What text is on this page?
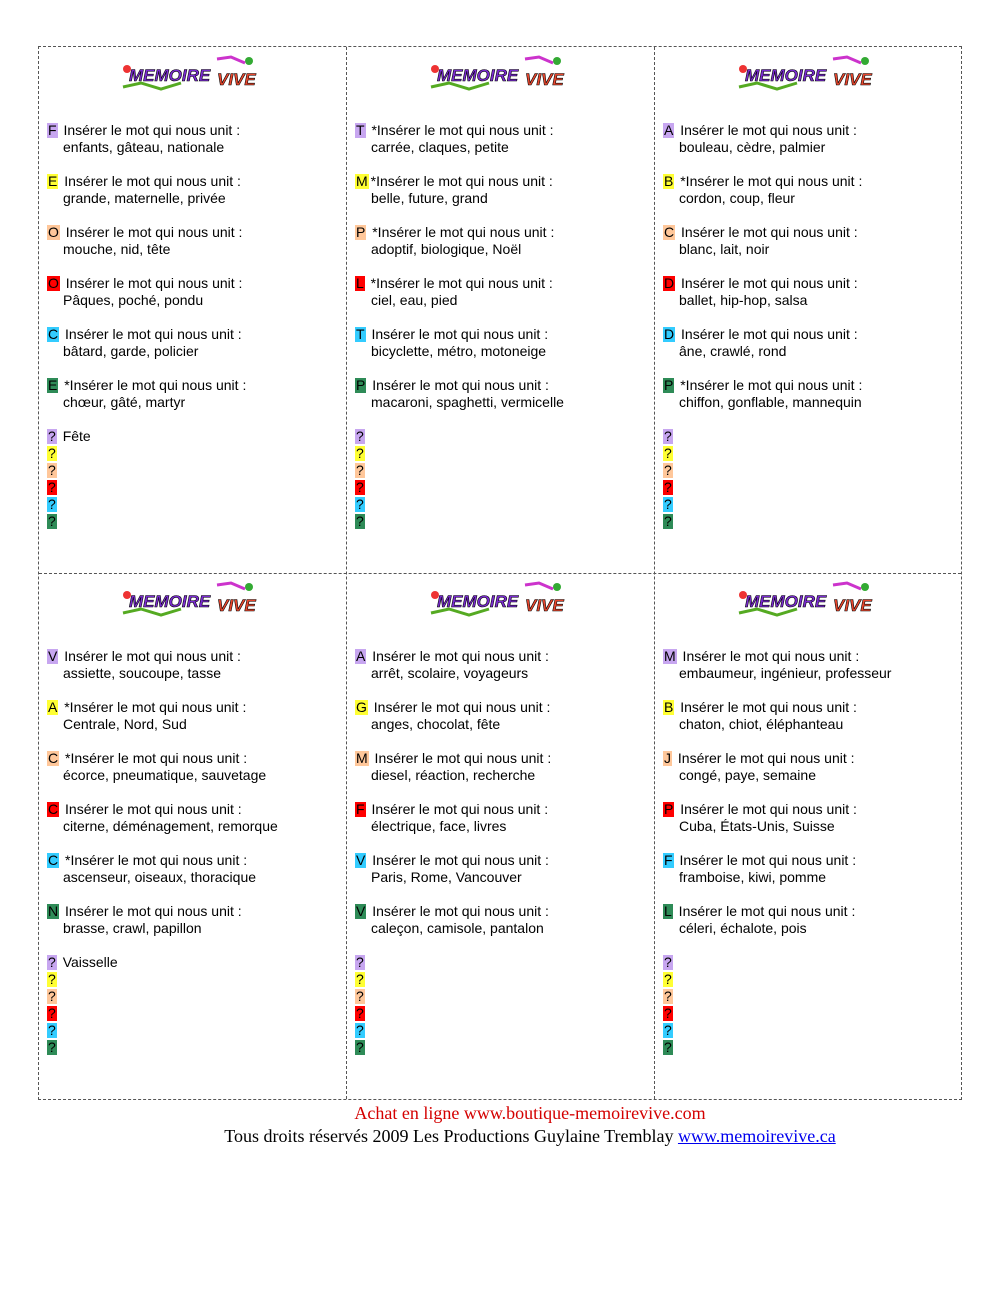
MEMOIRE VIVE
F Insérer le mot qui nous unit :
enfants, gâteau, nationale
E Insérer le mot qui nous unit :
grande, maternelle, privée
O Insérer le mot qui nous unit :
mouche, nid, tête
O Insérer le mot qui nous unit :
Pâques, poché, pondu
C Insérer le mot qui nous unit :
bâtard, garde, policier
E *Insérer le mot qui nous unit :
chœur, gâté, martyr
? Fête
?
?
?
?
?
MEMOIRE VIVE
T *Insérer le mot qui nous unit :
carrée, claques, petite
M *Insérer le mot qui nous unit :
belle, future, grand
P *Insérer le mot qui nous unit :
adoptif, biologique, Noël
L *Insérer le mot qui nous unit :
ciel, eau, pied
T Insérer le mot qui nous unit :
bicyclette, métro, motoneige
P Insérer le mot qui nous unit :
macaroni, spaghetti, vermicelle
?
?
?
?
?
?
MEMOIRE VIVE
A Insérer le mot qui nous unit :
bouleau, cèdre, palmier
B *Insérer le mot qui nous unit :
cordon, coup, fleur
C Insérer le mot qui nous unit :
blanc, lait, noir
D Insérer le mot qui nous unit :
ballet, hip-hop, salsa
D Insérer le mot qui nous unit :
âne, crawlé, rond
P *Insérer le mot qui nous unit :
chiffon, gonflable, mannequin
?
?
?
?
?
?
MEMOIRE VIVE
V Insérer le mot qui nous unit :
assiette, soucoupe, tasse
A *Insérer le mot qui nous unit :
Centrale, Nord, Sud
C *Insérer le mot qui nous unit :
écorce, pneumatique, sauvetage
C Insérer le mot qui nous unit :
citerne, déménagement, remorque
C *Insérer le mot qui nous unit :
ascenseur, oiseaux, thoracique
N Insérer le mot qui nous unit :
brasse, crawl, papillon
? Vaisselle
?
?
?
?
?
MEMOIRE VIVE
A Insérer le mot qui nous unit :
arrêt, scolaire, voyageurs
G Insérer le mot qui nous unit :
anges, chocolat, fête
M Insérer le mot qui nous unit :
diesel, réaction, recherche
F Insérer le mot qui nous unit :
électrique, face, livres
V Insérer le mot qui nous unit :
Paris, Rome, Vancouver
V Insérer le mot qui nous unit :
caleçon, camisole, pantalon
?
?
?
?
?
?
MEMOIRE VIVE
M Insérer le mot qui nous unit :
embaumeur, ingénieur, professeur
B Insérer le mot qui nous unit :
chaton, chiot, éléphanteau
J Insérer le mot qui nous unit :
congé, paye, semaine
P Insérer le mot qui nous unit :
Cuba, États-Unis, Suisse
F Insérer le mot qui nous unit :
framboise, kiwi, pomme
L Insérer le mot qui nous unit :
céleri, échalote, pois
?
?
?
?
?
?
Achat en ligne www.boutique-memoirevive.com
Tous droits réservés 2009 Les Productions Guylaine Tremblay www.memoirevive.ca
